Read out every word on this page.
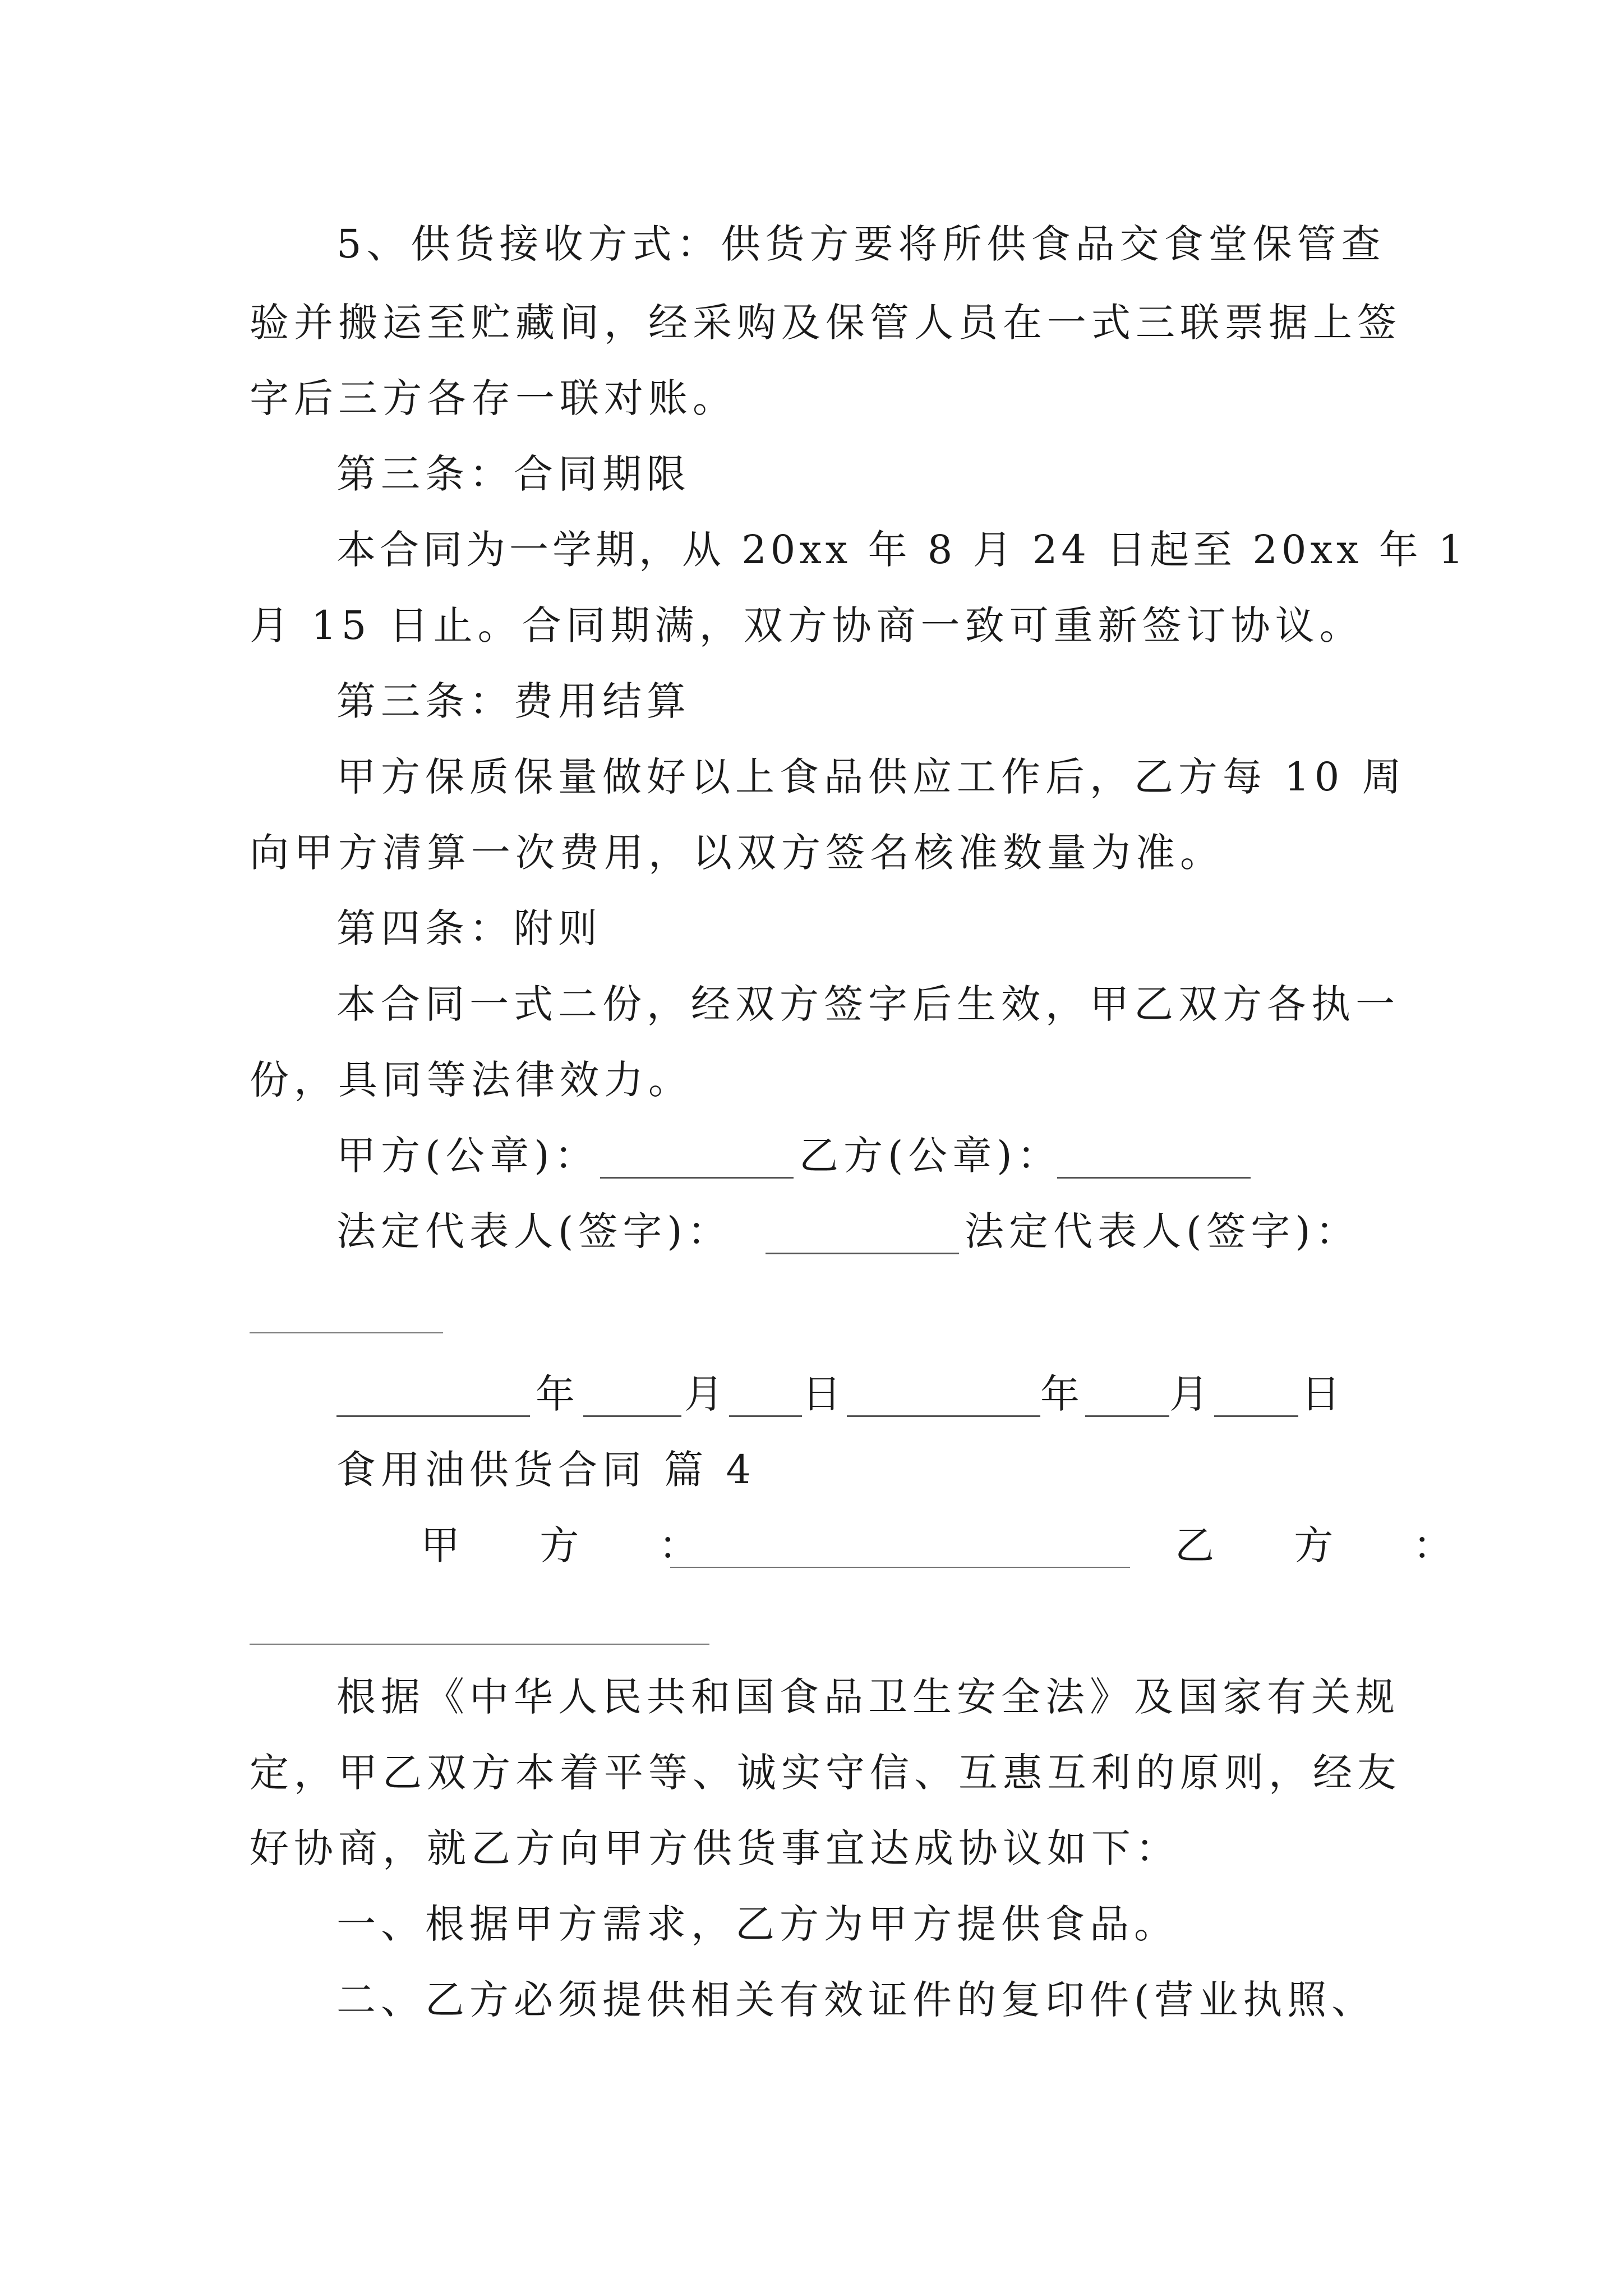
5、供货接收方式：供货方要将所供食品交食堂保管查
验并搬运至贮藏间，经采购及保管人员在一式三联票据上签
字后三方各存一联对账。
第三条：合同期限
本合同为一学期，从 20xx 年 8 月 24 日起至 20xx 年 1
月 15 日止。合同期满，双方协商一致可重新签订协议。
第三条：费用结算
甲方保质保量做好以上食品供应工作后，乙方每 10 周
向甲方清算一次费用，以双方签名核准数量为准。
第四条：附则
本合同一式二份，经双方签字后生效，甲乙双方各执一
份，具同等法律效力。
甲方(公章)：	乙方(公章)：
法定代表人(签字)：	法定代表人(签字)：
年	月 日	年 月 日
食用油供货合同 篇 4
甲 方 ：	乙 方 ：
根据《中华人民共和国食品卫生安全法》及国家有关规
定，甲乙双方本着平等、诚实守信、互惠互利的原则，经友
好协商，就乙方向甲方供货事宜达成协议如下：
一、根据甲方需求，乙方为甲方提供食品。
二、乙方必须提供相关有效证件的复印件(营业执照、
